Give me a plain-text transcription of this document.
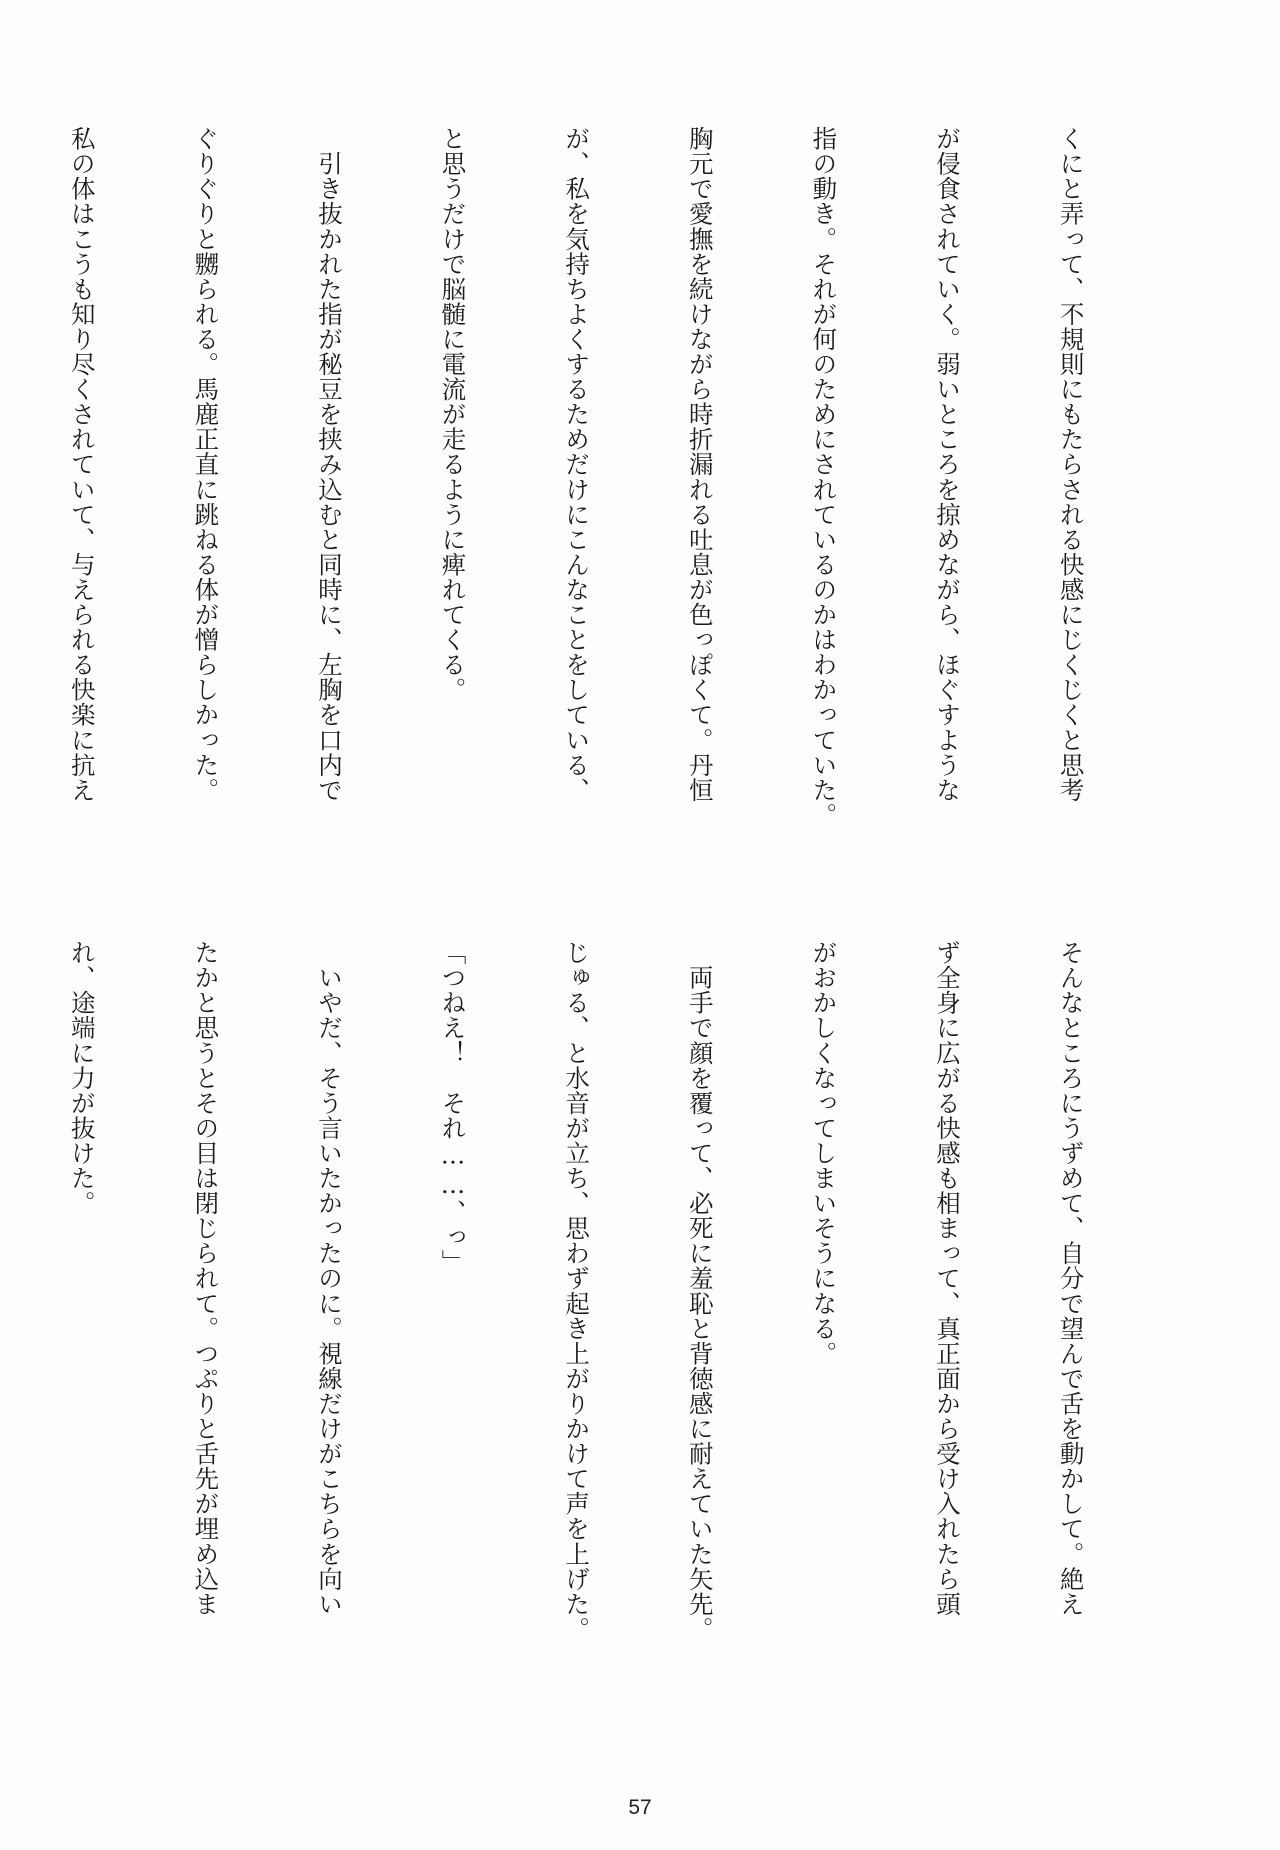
くにと弄って、不規則にもたらされる快感にじくじくと思考

が侵食されていく。弱いところを掠めながら、ほぐすような

指の動き。それが何のためにされているのかはわかっていた。

胸元で愛撫を続けながら時折漏れる吐息が色っぽくて。丹恒

が、私を気持ちよくするためだけにこんなことをしている、

と思うだけで脳髄に電流が走るように痺れてくる。

　引き抜かれた指が秘豆を挟み込むと同時に、左胸を口内で

ぐりぐりと嬲られる。馬鹿正直に跳ねる体が憎らしかった。

私の体はこうも知り尽くされていて、与えられる快楽に抗え

そんなところにうずめて、自分で望んで舌を動かして。絶え

ず全身に広がる快感も相まって、真正面から受け入れたら頭

がおかしくなってしまいそうになる。

　両手で顔を覆って、必死に羞恥と背徳感に耐えていた矢先。

じゅる、と水音が立ち、思わず起き上がりかけて声を上げた。

「つねえ！　それ……、っ」

　いやだ、そう言いたかったのに。視線だけがこちらを向い

たかと思うとその目は閉じられて。つぷりと舌先が埋め込ま

れ、途端に力が抜けた。

57
